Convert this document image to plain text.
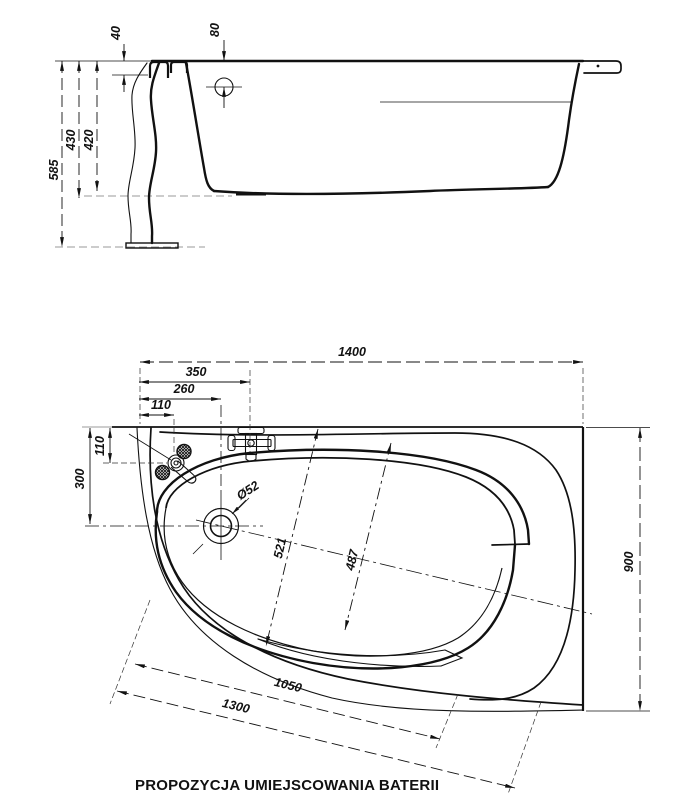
585
430 420
40	80
Ø52
521
487
1400
350
260
110
110
300
900
1050
1300
PROPOZYCJA UMIEJSCOWANIA BATERII
